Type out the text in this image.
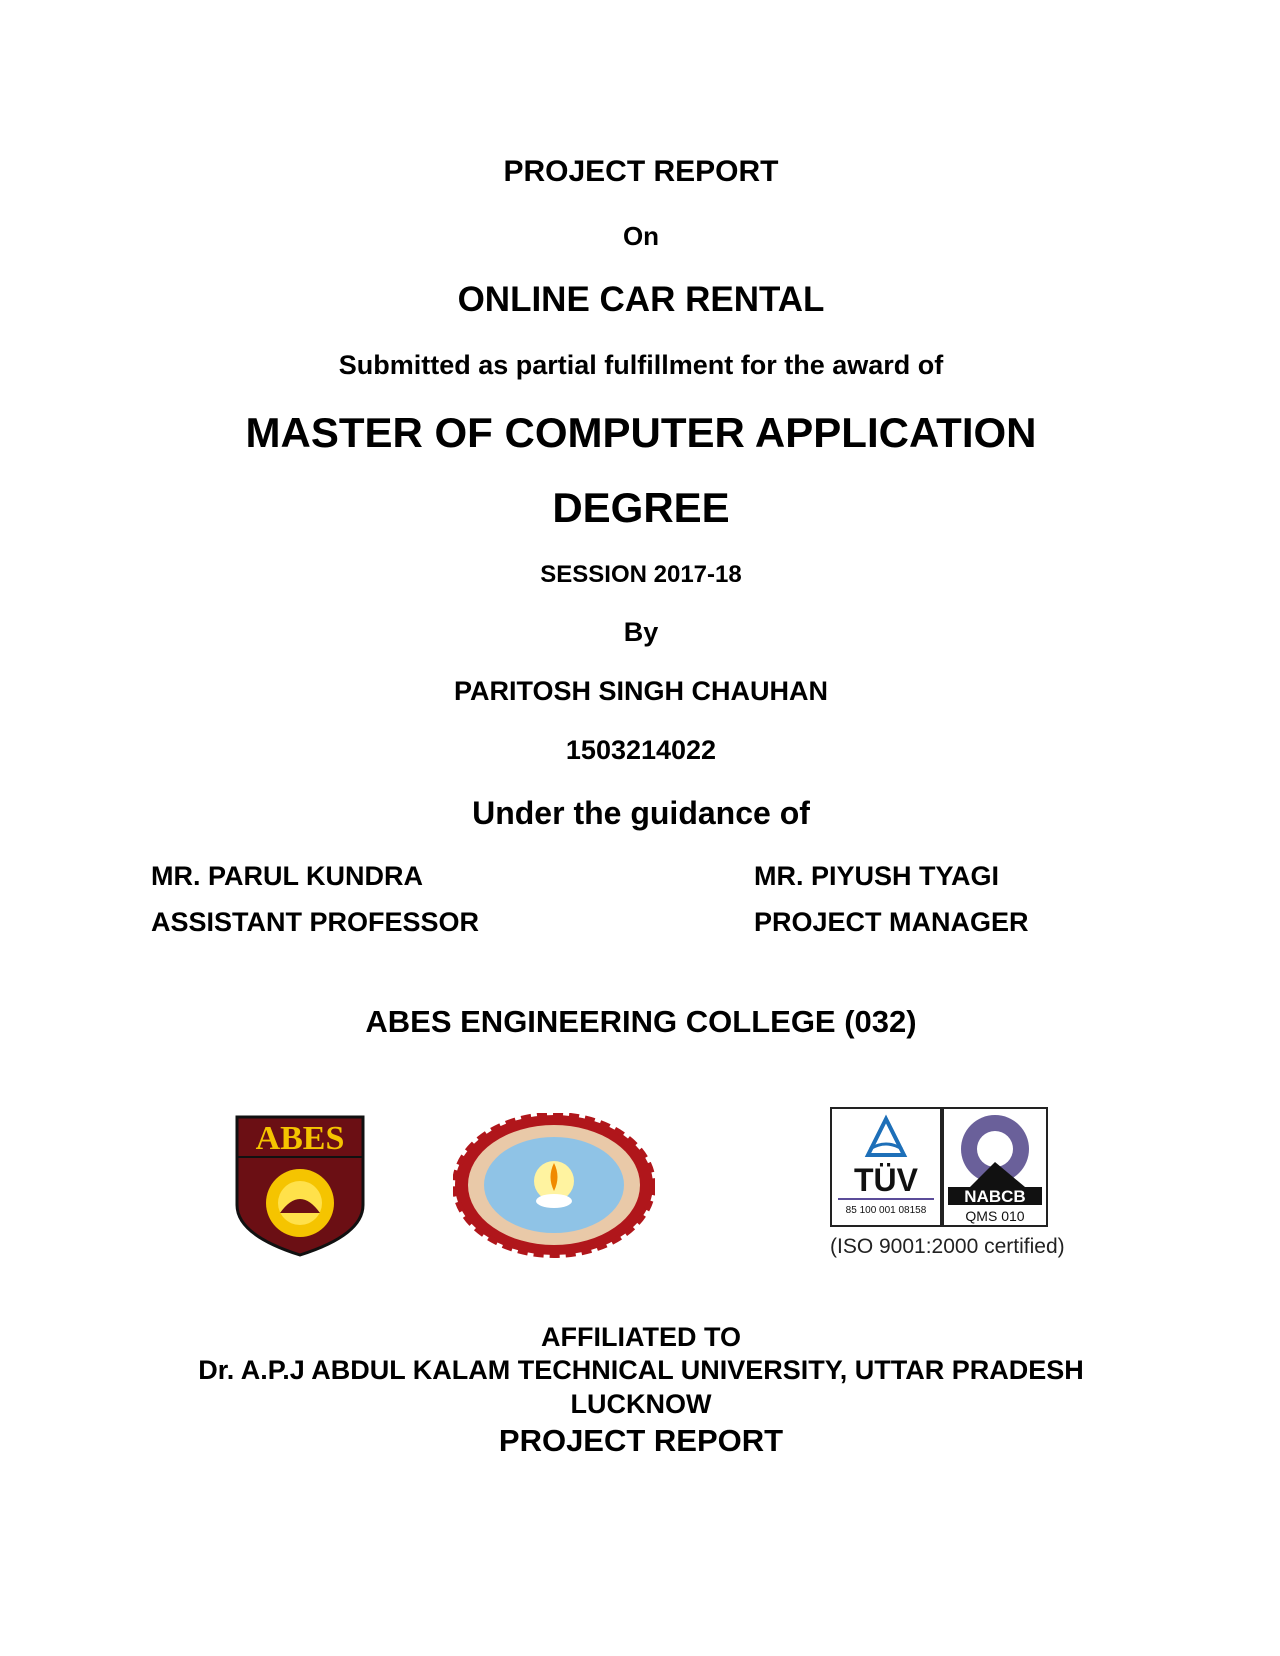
PROJECT REPORT
On
ONLINE CAR RENTAL
Submitted as partial fulfillment for the award of
MASTER OF COMPUTER APPLICATION
DEGREE
SESSION 2017-18
By
PARITOSH SINGH CHAUHAN
1503214022
Under the guidance of
MR. PARUL KUNDRA
ASSISTANT PROFESSOR
MR. PIYUSH TYAGI
PROJECT MANAGER
ABES ENGINEERING COLLEGE (032)
ABES
TÜV
85 100 001 08158
NABCB
QMS 010
(ISO 9001:2000 certified)
AFFILIATED TO
Dr. A.P.J ABDUL KALAM TECHNICAL UNIVERSITY, UTTAR PRADESH
LUCKNOW
PROJECT REPORT
